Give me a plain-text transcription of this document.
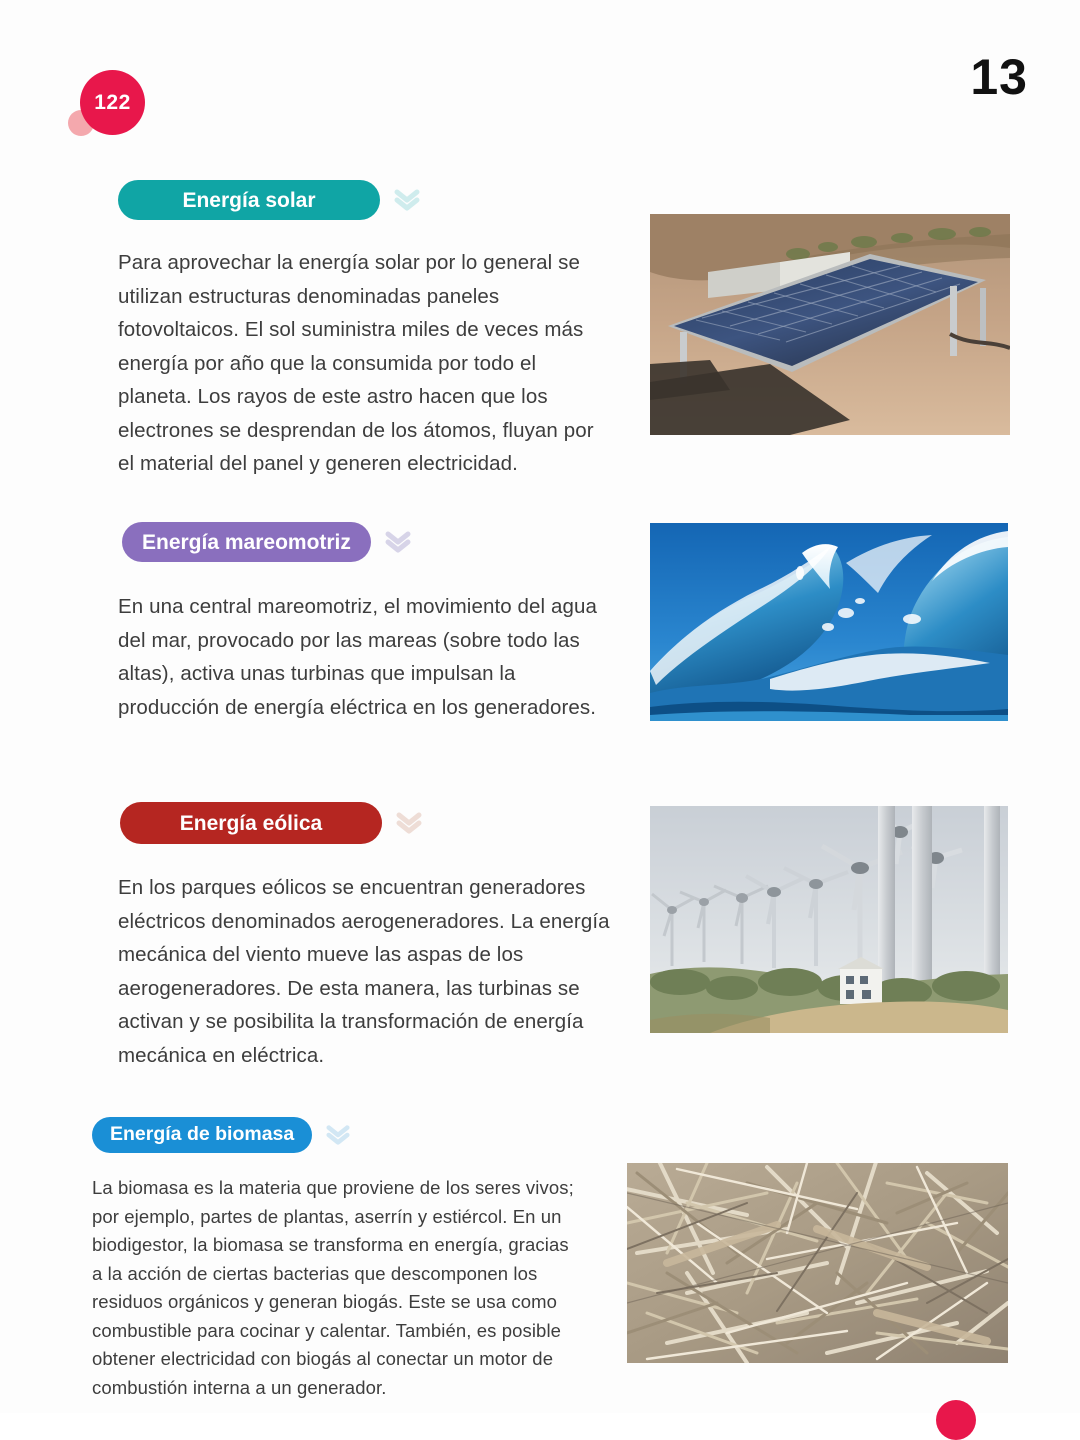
122	13
Energía solar

Para aprovechar la energía solar por lo general se utilizan estructuras denominadas paneles fotovoltaicos. El sol suministra miles de veces más energía por año que la consumida por todo el planeta. Los rayos de este astro hacen que los electrones se desprendan de los átomos, fluyan por el material del panel y generen electricidad.

Energía mareomotriz

En una central mareomotriz, el movimiento del agua del mar, provocado por las mareas (sobre todo las altas), activa unas turbinas que impulsan la producción de energía eléctrica en los generadores.

Energía eólica

En los parques eólicos se encuentran generadores eléctricos denominados aerogeneradores. La energía mecánica del viento mueve las aspas de los aerogeneradores. De esta manera, las turbinas se activan y se posibilita la transformación de energía mecánica en eléctrica.

Energía de biomasa

La biomasa es la materia que proviene de los seres vivos; por ejemplo, partes de plantas, aserrín y estiércol. En un biodigestor, la biomasa se transforma en energía, gracias a la acción de ciertas bacterias que descomponen los residuos orgánicos y generan biogás. Este se usa como combustible para cocinar y calentar. También, es posible obtener electricidad con biogás al conectar un motor de combustión interna a un generador.
